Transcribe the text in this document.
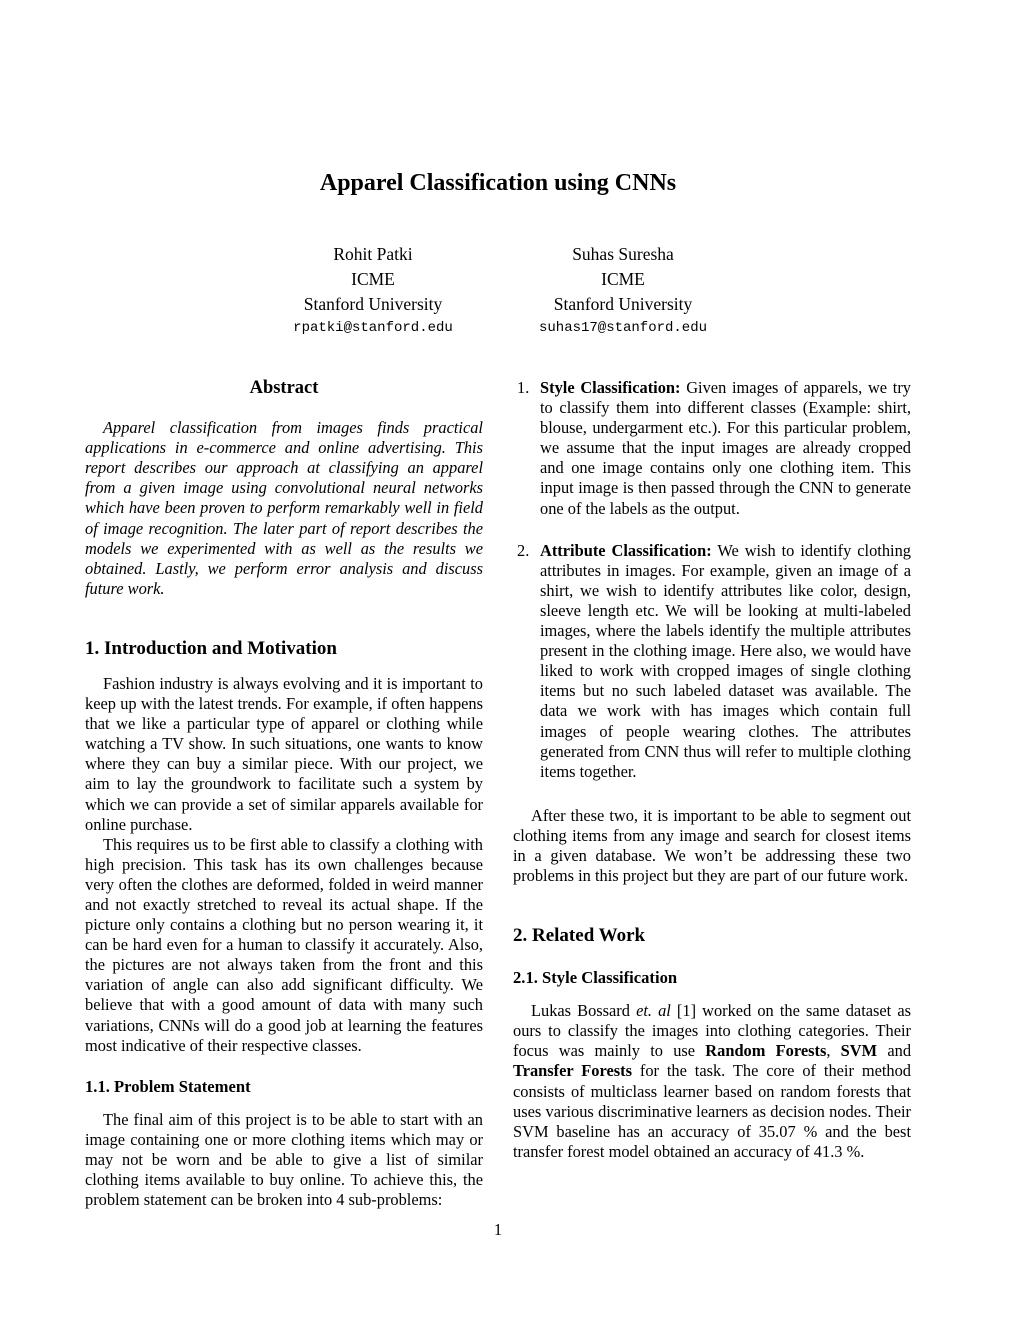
Apparel Classification using CNNs
Rohit Patki
ICME
Stanford University
rpatki@stanford.edu
Suhas Suresha
ICME
Stanford University
suhas17@stanford.edu
Abstract

Apparel classification from images finds practical applications in e-commerce and online advertising. This report describes our approach at classifying an apparel from a given image using convolutional neural networks which have been proven to perform remarkably well in field of image recognition. The later part of report describes the models we experimented with as well as the results we obtained. Lastly, we perform error analysis and discuss future work.

1. Introduction and Motivation

Fashion industry is always evolving and it is important to keep up with the latest trends. For example, if often happens that we like a particular type of apparel or clothing while watching a TV show. In such situations, one wants to know where they can buy a similar piece. With our project, we aim to lay the groundwork to facilitate such a system by which we can provide a set of similar apparels available for online purchase.

This requires us to be first able to classify a clothing with high precision. This task has its own challenges because very often the clothes are deformed, folded in weird manner and not exactly stretched to reveal its actual shape. If the picture only contains a clothing but no person wearing it, it can be hard even for a human to classify it accurately. Also, the pictures are not always taken from the front and this variation of angle can also add significant difficulty. We believe that with a good amount of data with many such variations, CNNs will do a good job at learning the features most indicative of their respective classes.

1.1. Problem Statement

The final aim of this project is to be able to start with an image containing one or more clothing items which may or may not be worn and be able to give a list of similar clothing items available to buy online. To achieve this, the problem statement can be broken into 4 sub-problems:

1. Style Classification: Given images of apparels, we try to classify them into different classes (Example: shirt, blouse, undergarment etc.). For this particular problem, we assume that the input images are already cropped and one image contains only one clothing item. This input image is then passed through the CNN to generate one of the labels as the output.
2. Attribute Classification: We wish to identify clothing attributes in images. For example, given an image of a shirt, we wish to identify attributes like color, design, sleeve length etc. We will be looking at multi-labeled images, where the labels identify the multiple attributes present in the clothing image. Here also, we would have liked to work with cropped images of single clothing items but no such labeled dataset was available. The data we work with has images which contain full images of people wearing clothes. The attributes generated from CNN thus will refer to multiple clothing items together.

After these two, it is important to be able to segment out clothing items from any image and search for closest items in a given database. We won’t be addressing these two problems in this project but they are part of our future work.

2. Related Work
2.1. Style Classification

Lukas Bossard et. al [1] worked on the same dataset as ours to classify the images into clothing categories. Their focus was mainly to use Random Forests, SVM and Transfer Forests for the task. The core of their method consists of multiclass learner based on random forests that uses various discriminative learners as decision nodes. Their SVM baseline has an accuracy of 35.07 % and the best transfer forest model obtained an accuracy of 41.3 %.

1
